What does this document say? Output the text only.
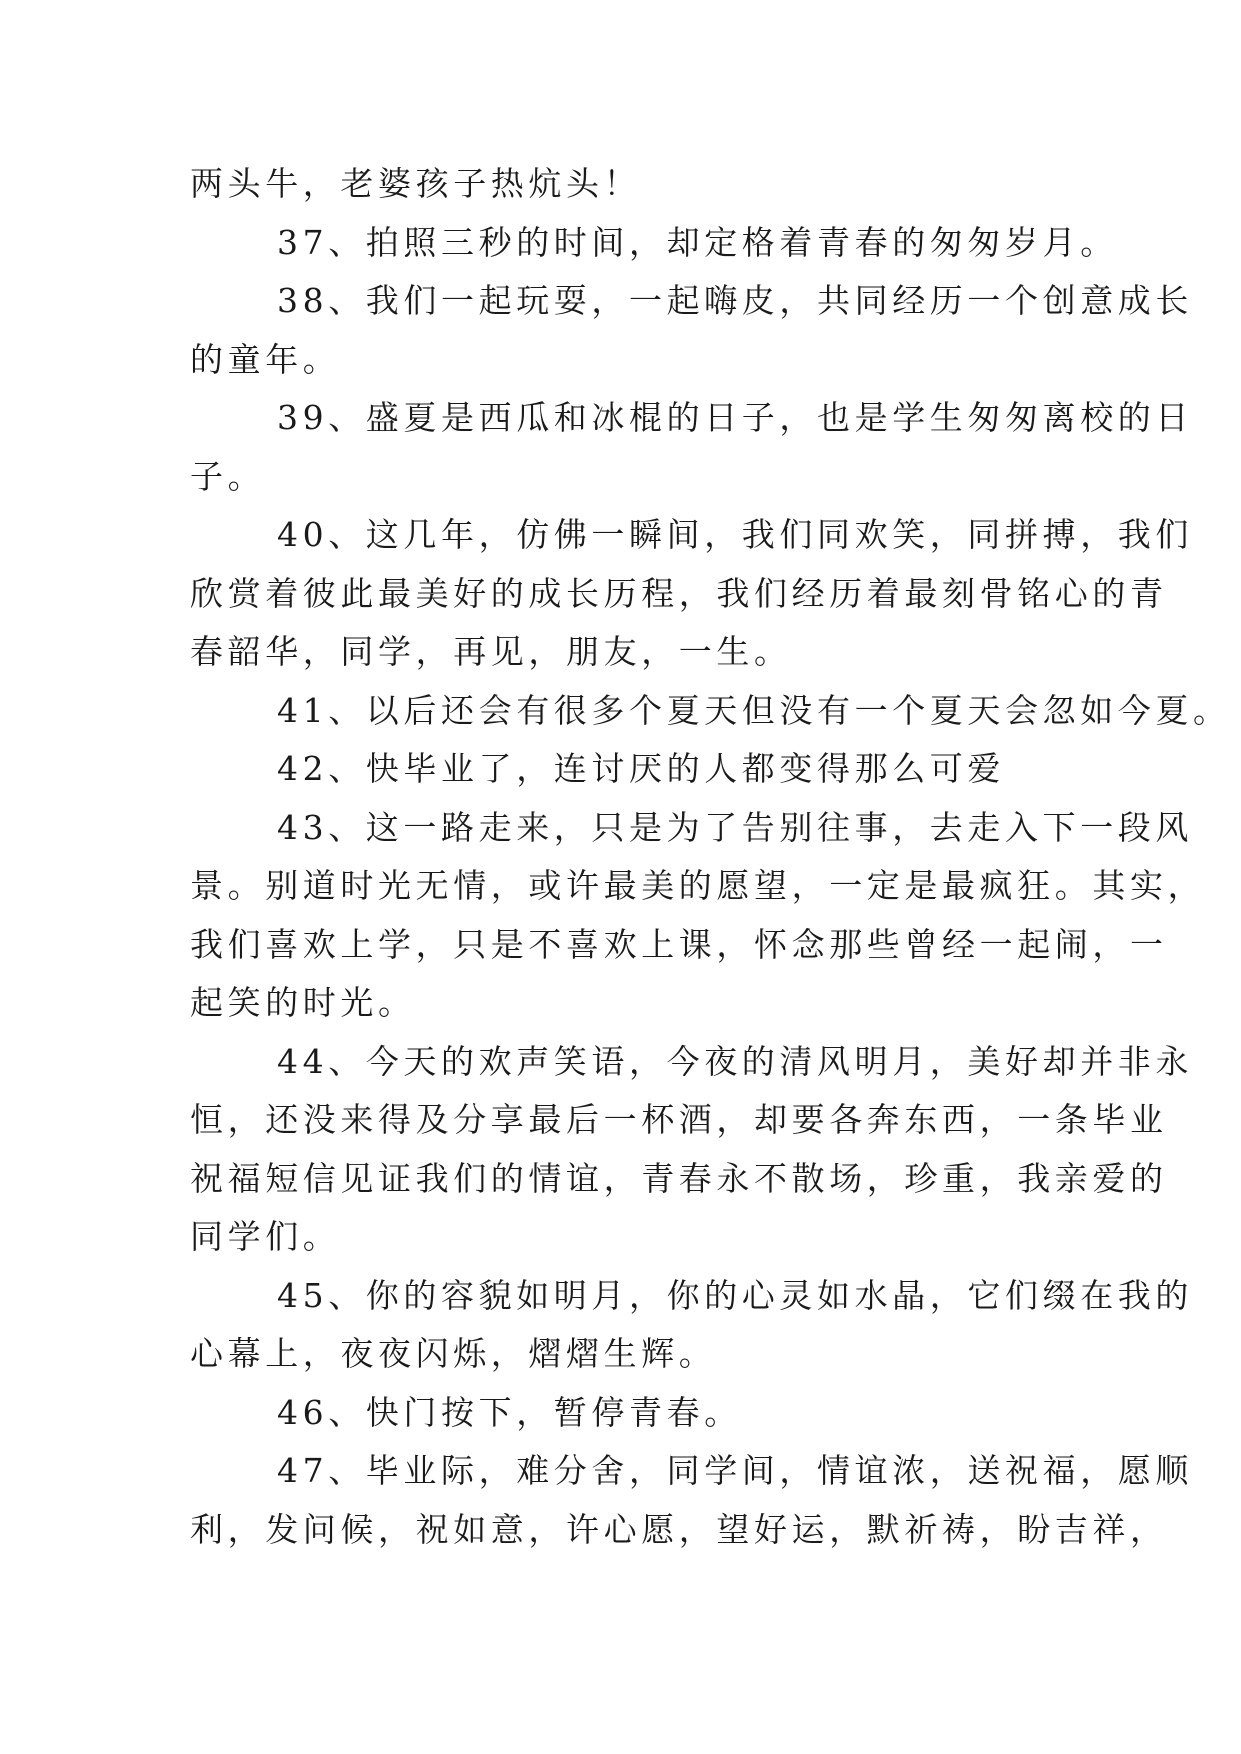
两头牛，老婆孩子热炕头！

37、拍照三秒的时间，却定格着青春的匆匆岁月。

38、我们一起玩耍，一起嗨皮，共同经历一个创意成长
的童年。

39、盛夏是西瓜和冰棍的日子，也是学生匆匆离校的日
子。

40、这几年，仿佛一瞬间，我们同欢笑，同拼搏，我们
欣赏着彼此最美好的成长历程，我们经历着最刻骨铭心的青
春韶华，同学，再见，朋友，一生。

41、以后还会有很多个夏天但没有一个夏天会忽如今夏。

42、快毕业了，连讨厌的人都变得那么可爱

43、这一路走来，只是为了告别往事，去走入下一段风
景。别道时光无情，或许最美的愿望，一定是最疯狂。其实，
我们喜欢上学，只是不喜欢上课，怀念那些曾经一起闹，一
起笑的时光。

44、今天的欢声笑语，今夜的清风明月，美好却并非永
恒，还没来得及分享最后一杯酒，却要各奔东西，一条毕业
祝福短信见证我们的情谊，青春永不散场，珍重，我亲爱的
同学们。

45、你的容貌如明月，你的心灵如水晶，它们缀在我的
心幕上，夜夜闪烁，熠熠生辉。

46、快门按下，暂停青春。

47、毕业际，难分舍，同学间，情谊浓，送祝福，愿顺
利，发问候，祝如意，许心愿，望好运，默祈祷，盼吉祥，
